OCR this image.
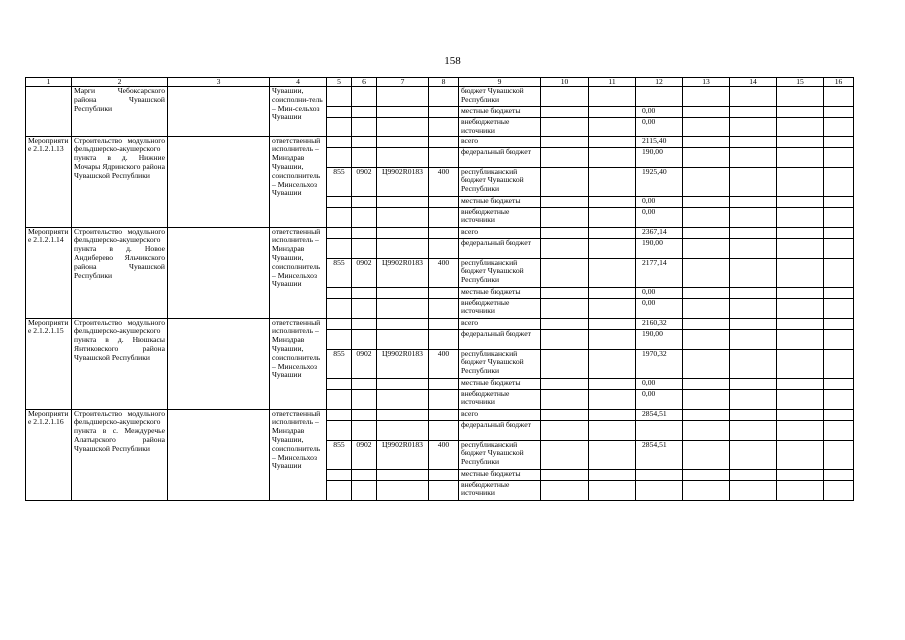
158
1	2	3	4	5	6	7	8	9	10	11	12	13	14	15	16
	Марги Чебоксарского района Чувашской Республики		Чувашии, соисполни-тель – Мин-сельхоз Чувашии					бюджет Чувашской Республики							
								местные бюджеты			0,00				
								внебюджетные источники			0,00				
Мероприятие 2.1.2.1.13	Строительство модульного фельдшерско-акушерского пункта в д. Нижние Мочары Ядринского района Чувашской Республики		ответственный исполнитель – Минздрав Чувашии, соисполнитель – Минсельхоз Чувашии					всего			2115,40				
								федеральный бюджет			190,00				
				855	0902	Ц9902R0183	400	республиканский бюджет Чувашской Республики			1925,40				
								местные бюджеты			0,00				
								внебюджетные источники			0,00				
Мероприятие 2.1.2.1.14	Строительство модульного фельдшерско-акушерского пункта в д. Новое Андиберево Яльчикского района Чувашской Республики		ответственный исполнитель – Минздрав Чувашии, соисполнитель – Минсельхоз Чувашии					всего			2367,14				
								федеральный бюджет			190,00				
				855	0902	Ц9902R0183	400	республиканский бюджет Чувашской Республики			2177,14				
								местные бюджеты			0,00				
								внебюджетные источники			0,00				
Мероприятие 2.1.2.1.15	Строительство модульного фельдшерско-акушерского пункта в д. Нюшкасы Янтиковского района Чувашской Республики		ответственный исполнитель – Минздрав Чувашии, соисполнитель – Минсельхоз Чувашии					всего			2160,32				
								федеральный бюджет			190,00				
				855	0902	Ц9902R0183	400	республиканский бюджет Чувашской Республики			1970,32				
								местные бюджеты			0,00				
								внебюджетные источники			0,00				
Мероприятие 2.1.2.1.16	Строительство модульного фельдшерско-акушерского пункта в с. Междуречье Алатырского района Чувашской Республики		ответственный исполнитель – Минздрав Чувашии, соисполнитель – Минсельхоз Чувашии					всего			2854,51				
								федеральный бюджет							
				855	0902	Ц9902R0183	400	республиканский бюджет Чувашской Республики			2854,51				
								местные бюджеты							
								внебюджетные источники							
